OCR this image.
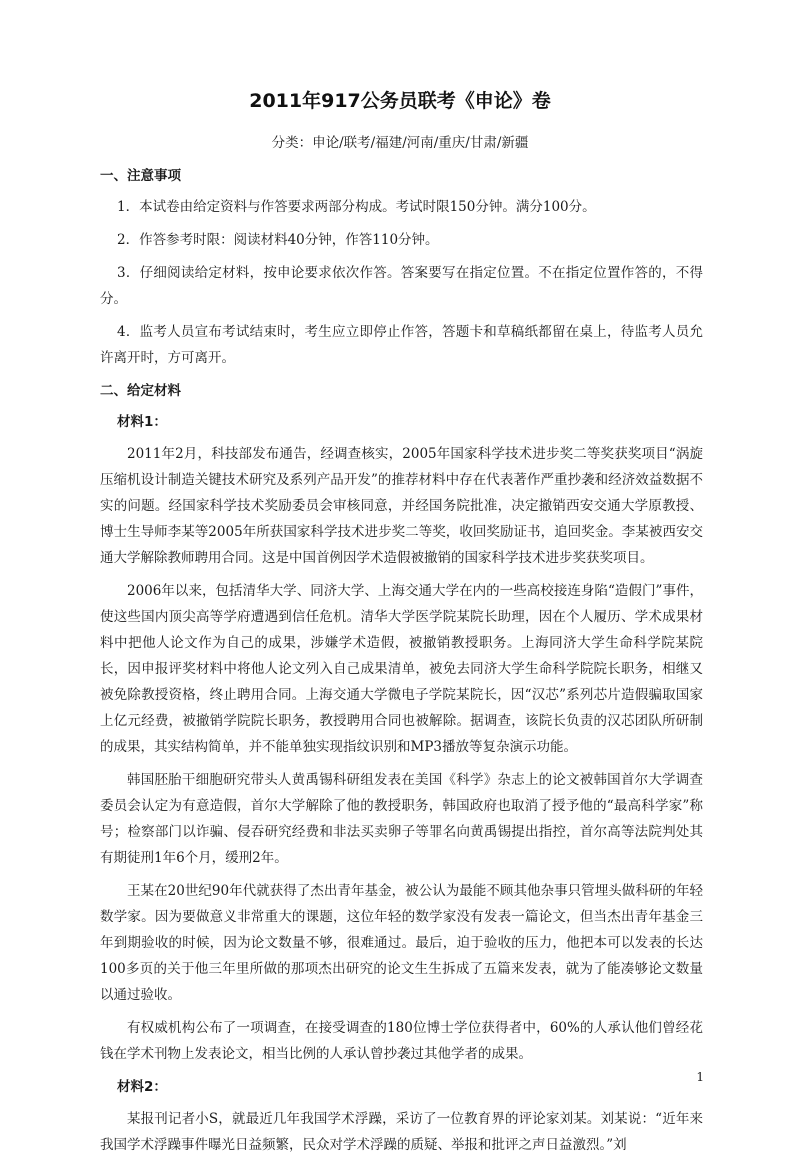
2011年917公务员联考《申论》卷
分类：申论/联考/福建/河南/重庆/甘肃/新疆

一、注意事项

1．本试卷由给定资料与作答要求两部分构成。考试时限150分钟。满分100分。

2．作答参考时限：阅读材料40分钟，作答110分钟。

3．仔细阅读给定材料，按申论要求依次作答。答案要写在指定位置。不在指定位置作答的，不得分。

4．监考人员宣布考试结束时，考生应立即停止作答，答题卡和草稿纸都留在桌上，待监考人员允许离开时，方可离开。

二、给定材料

材料1：

2011年2月，科技部发布通告，经调查核实，2005年国家科学技术进步奖二等奖获奖项目“涡旋压缩机设计制造关键技术研究及系列产品开发”的推荐材料中存在代表著作严重抄袭和经济效益数据不实的问题。经国家科学技术奖励委员会审核同意，并经国务院批准，决定撤销西安交通大学原教授、博士生导师李某等2005年所获国家科学技术进步奖二等奖，收回奖励证书，追回奖金。李某被西安交通大学解除教师聘用合同。这是中国首例因学术造假被撤销的国家科学技术进步奖获奖项目。

2006年以来，包括清华大学、同济大学、上海交通大学在内的一些高校接连身陷“造假门”事件，使这些国内顶尖高等学府遭遇到信任危机。清华大学医学院某院长助理，因在个人履历、学术成果材料中把他人论文作为自己的成果，涉嫌学术造假，被撤销教授职务。上海同济大学生命科学院某院长，因申报评奖材料中将他人论文列入自己成果清单，被免去同济大学生命科学院院长职务，相继又被免除教授资格，终止聘用合同。上海交通大学微电子学院某院长，因“汉芯”系列芯片造假骗取国家上亿元经费，被撤销学院院长职务，教授聘用合同也被解除。据调查，该院长负责的汉芯团队所研制的成果，其实结构简单，并不能单独实现指纹识别和MP3播放等复杂演示功能。

韩国胚胎干细胞研究带头人黄禹锡科研组发表在美国《科学》杂志上的论文被韩国首尔大学调查委员会认定为有意造假，首尔大学解除了他的教授职务，韩国政府也取消了授予他的“最高科学家”称号；检察部门以诈骗、侵吞研究经费和非法买卖卵子等罪名向黄禹锡提出指控，首尔高等法院判处其有期徒刑1年6个月，缓刑2年。

王某在20世纪90年代就获得了杰出青年基金，被公认为最能不顾其他杂事只管埋头做科研的年轻数学家。因为要做意义非常重大的课题，这位年轻的数学家没有发表一篇论文，但当杰出青年基金三年到期验收的时候，因为论文数量不够，很难通过。最后，迫于验收的压力，他把本可以发表的长达100多页的关于他三年里所做的那项杰出研究的论文生生拆成了五篇来发表，就为了能凑够论文数量以通过验收。

有权威机构公布了一项调查，在接受调查的180位博士学位获得者中，60%的人承认他们曾经花钱在学术刊物上发表论文，相当比例的人承认曾抄袭过其他学者的成果。

材料2：

某报刊记者小S，就最近几年我国学术浮躁，采访了一位教育界的评论家刘某。刘某说：“近年来我国学术浮躁事件曝光日益频繁，民众对学术浮躁的质疑、举报和批评之声日益激烈。”刘

1
